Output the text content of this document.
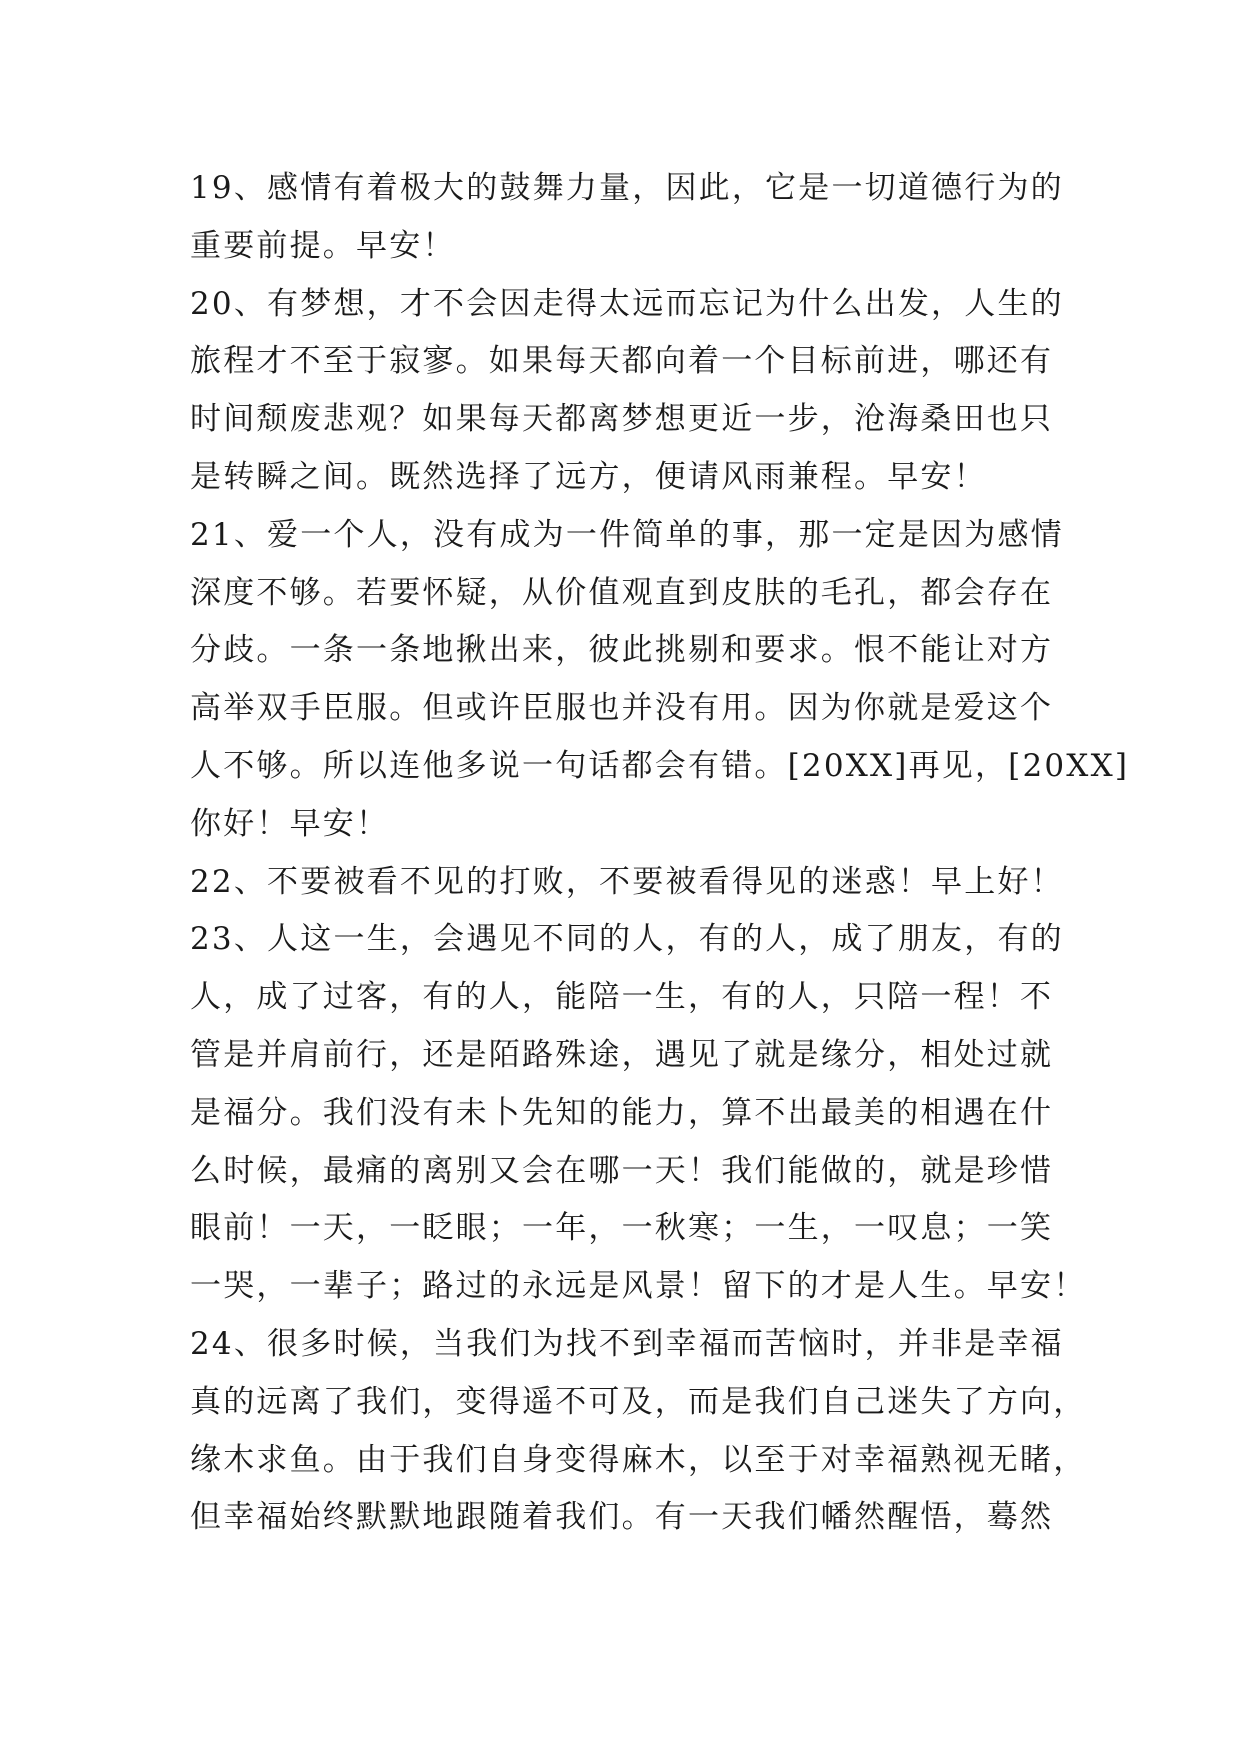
19、感情有着极大的鼓舞力量，因此，它是一切道德行为的
重要前提。早安！
20、有梦想，才不会因走得太远而忘记为什么出发，人生的
旅程才不至于寂寥。如果每天都向着一个目标前进，哪还有
时间颓废悲观？如果每天都离梦想更近一步，沧海桑田也只
是转瞬之间。既然选择了远方，便请风雨兼程。早安！
21、爱一个人，没有成为一件简单的事，那一定是因为感情
深度不够。若要怀疑，从价值观直到皮肤的毛孔，都会存在
分歧。一条一条地揪出来，彼此挑剔和要求。恨不能让对方
高举双手臣服。但或许臣服也并没有用。因为你就是爱这个
人不够。所以连他多说一句话都会有错。[20XX]再见，[20XX]
你好！早安！
22、不要被看不见的打败，不要被看得见的迷惑！早上好！
23、人这一生，会遇见不同的人，有的人，成了朋友，有的
人，成了过客，有的人，能陪一生，有的人，只陪一程！不
管是并肩前行，还是陌路殊途，遇见了就是缘分，相处过就
是福分。我们没有未卜先知的能力，算不出最美的相遇在什
么时候，最痛的离别又会在哪一天！我们能做的，就是珍惜
眼前！一天，一眨眼；一年，一秋寒；一生，一叹息；一笑
一哭，一辈子；路过的永远是风景！留下的才是人生。早安！
24、很多时候，当我们为找不到幸福而苦恼时，并非是幸福
真的远离了我们，变得遥不可及，而是我们自己迷失了方向，
缘木求鱼。由于我们自身变得麻木，以至于对幸福熟视无睹，
但幸福始终默默地跟随着我们。有一天我们幡然醒悟，蓦然
